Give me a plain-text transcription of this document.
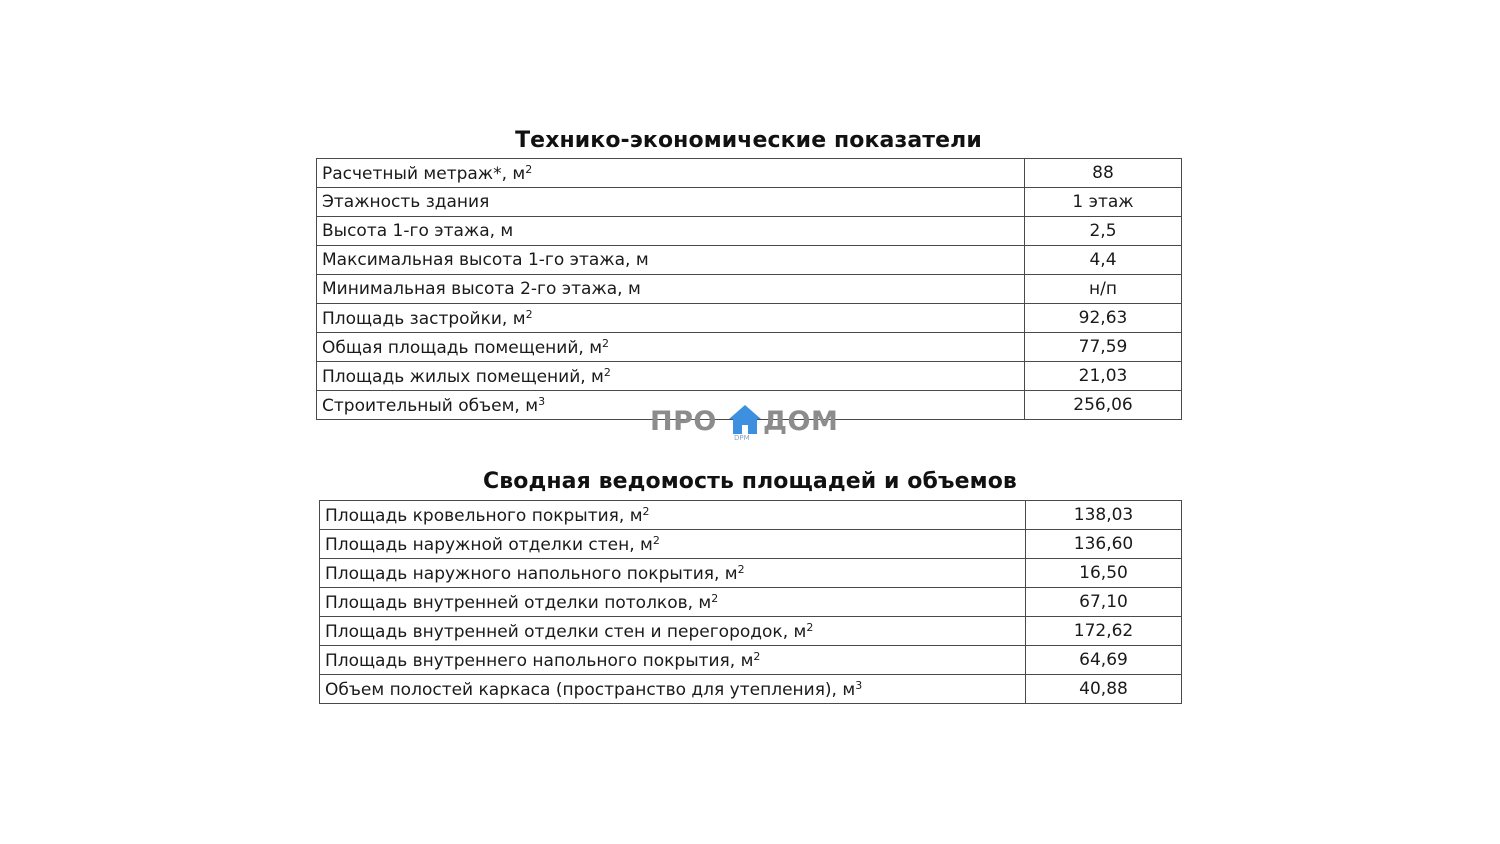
Технико-экономические показатели
Расчетный метраж*, $м^2$	88
Этажность здания	1 этаж
Высота 1-го этажа, м	2,5
Максимальная высота 1-го этажа, м	4,4
Минимальная высота 2-го этажа, м	н/п
Площадь застройки, $м^2$	92,63
Общая площадь помещений, $м^2$	77,59
Площадь жилых помещений, $м^2$	21,03
Строительный объем, $м^3$	256,06
Сводная ведомость площадей и объемов
Площадь кровельного покрытия, $м^2$	138,03
Площадь наружной отделки стен, $м^2$	136,60
Площадь наружного напольного покрытия, $м^2$	16,50
Площадь внутренней отделки потолков, $м^2$	67,10
Площадь внутренней отделки стен и перегородок, $м^2$	172,62
Площадь внутреннего напольного покрытия, $м^2$	64,69
Объем полостей каркаса (пространство для утепления), $м^3$	40,88
ПРО
DPM
ДОМ
